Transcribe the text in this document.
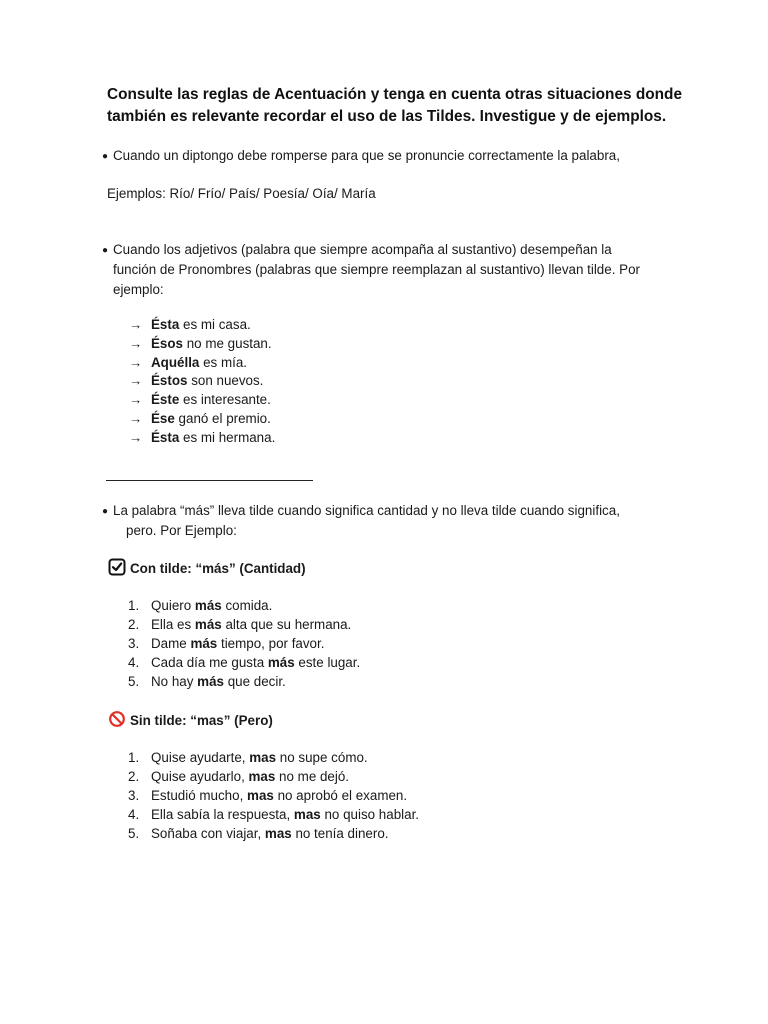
Consulte las reglas de Acentuación y tenga en cuenta otras situaciones donde
también es relevante recordar el uso de las Tildes. Investigue y de ejemplos.
● Cuando un diptongo debe romperse para que se pronuncie correctamente la palabra,
Ejemplos: Río/ Frío/ País/ Poesía/ Oía/ María
● Cuando los adjetivos (palabra que siempre acompaña al sustantivo) desempeñan la
función de Pronombres (palabras que siempre reemplazan al sustantivo) llevan tilde. Por
ejemplo:
→ Ésta es mi casa.
→ Ésos no me gustan.
→ Aquélla es mía.
→ Éstos son nuevos.
→ Éste es interesante.
→ Ése ganó el premio.
→ Ésta es mi hermana.
● La palabra “más” lleva tilde cuando significa cantidad y no lleva tilde cuando significa,
pero. Por Ejemplo:
Con tilde: “más” (Cantidad)
1. Quiero más comida.
2. Ella es más alta que su hermana.
3. Dame más tiempo, por favor.
4. Cada día me gusta más este lugar.
5. No hay más que decir.
Sin tilde: “mas” (Pero)
1. Quise ayudarte, mas no supe cómo.
2. Quise ayudarlo, mas no me dejó.
3. Estudió mucho, mas no aprobó el examen.
4. Ella sabía la respuesta, mas no quiso hablar.
5. Soñaba con viajar, mas no tenía dinero.
